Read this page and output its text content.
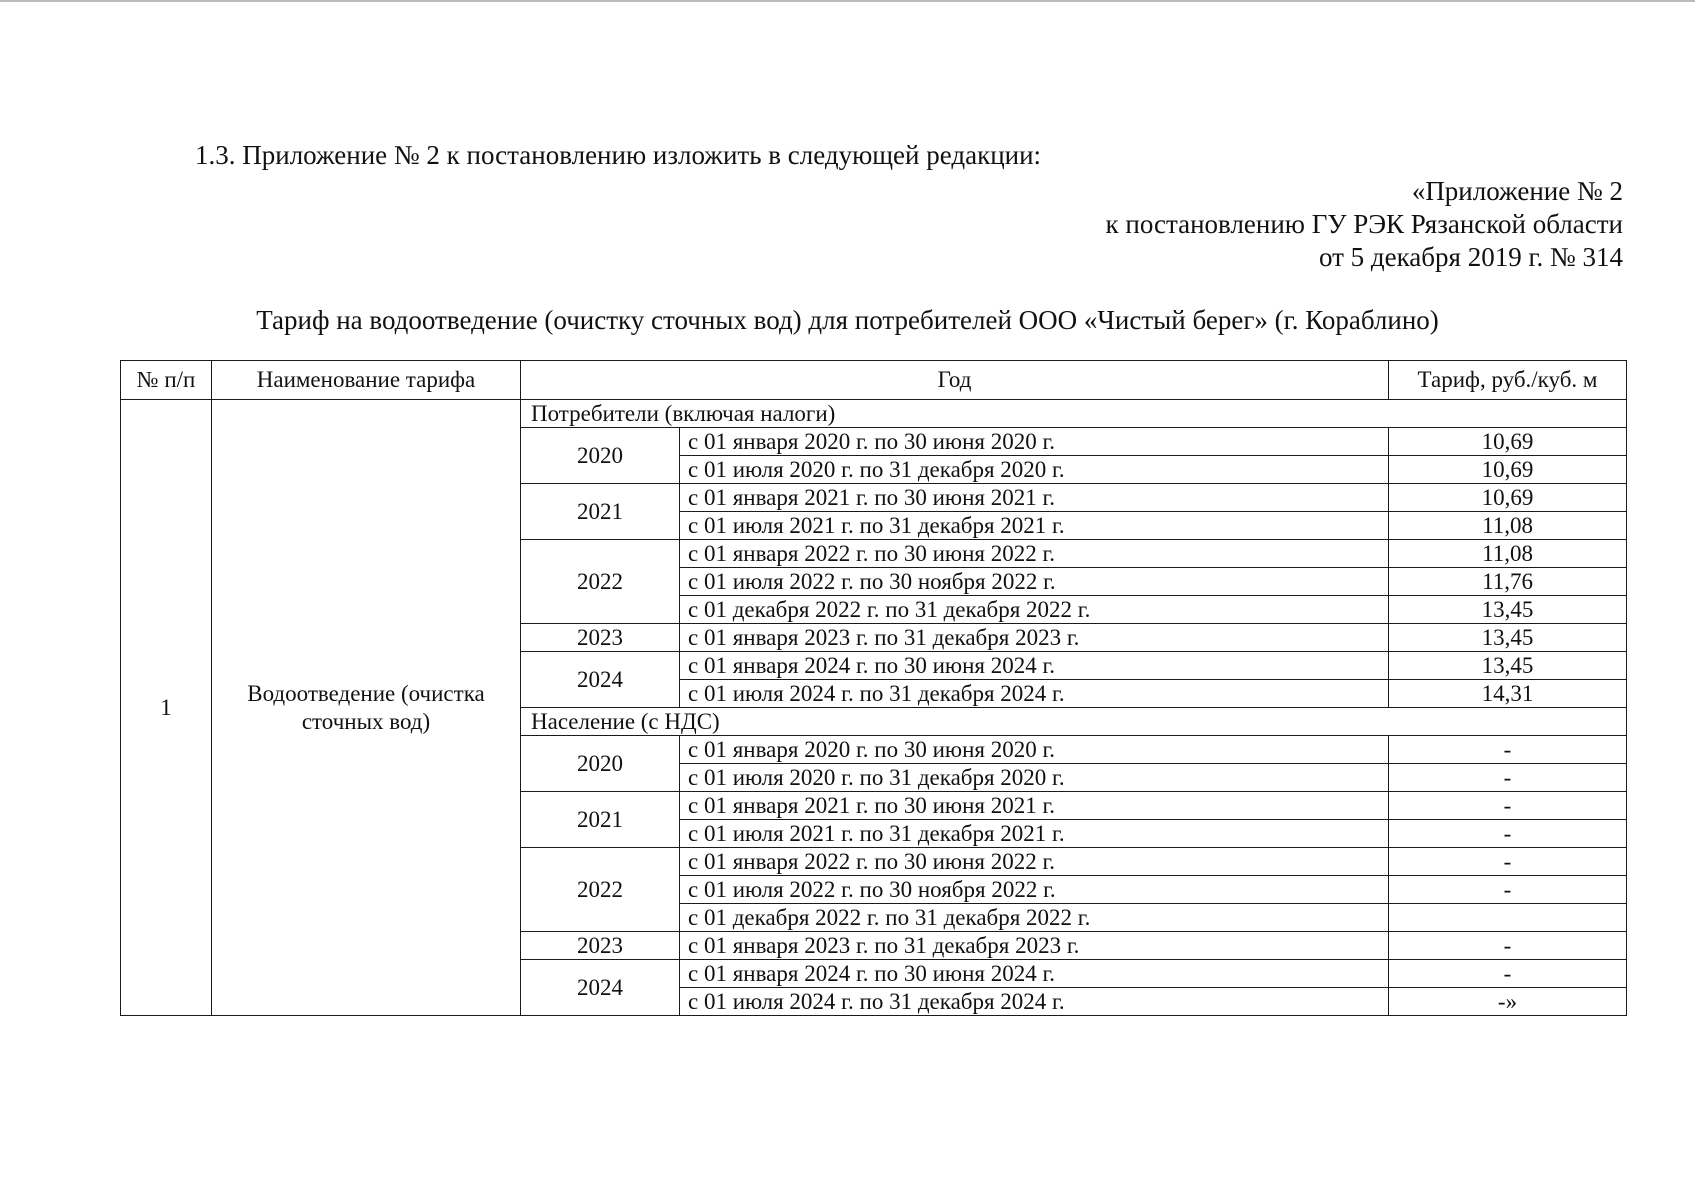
1.3. Приложение № 2 к постановлению изложить в следующей редакции:
«Приложение № 2
к постановлению ГУ РЭК Рязанской области
от 5 декабря 2019 г. № 314
Тариф на водоотведение (очистку сточных вод) для потребителей ООО «Чистый берег» (г. Кораблино)
№ п/п	Наименование тарифа	Год		Тариф, руб./куб. м
1	Водоотведение (очистка сточных вод)	Потребители (включая налоги)		
		2020	с 01 января 2020 г. по 30 июня 2020 г.	10,69
			с 01 июля 2020 г. по 31 декабря 2020 г.	10,69
		2021	с 01 января 2021 г. по 30 июня 2021 г.	10,69
			с 01 июля 2021 г. по 31 декабря 2021 г.	11,08
		2022	с 01 января 2022 г. по 30 июня 2022 г.	11,08
			с 01 июля 2022 г. по 30 ноября 2022 г.	11,76
			с 01 декабря 2022 г. по 31 декабря 2022 г.	13,45
		2023	с 01 января 2023 г. по 31 декабря 2023 г.	13,45
		2024	с 01 января 2024 г. по 30 июня 2024 г.	13,45
			с 01 июля 2024 г. по 31 декабря 2024 г.	14,31
		Население (с НДС)		
		2020	с 01 января 2020 г. по 30 июня 2020 г.	-
			с 01 июля 2020 г. по 31 декабря 2020 г.	-
		2021	с 01 января 2021 г. по 30 июня 2021 г.	-
			с 01 июля 2021 г. по 31 декабря 2021 г.	-
		2022	с 01 января 2022 г. по 30 июня 2022 г.	-
			с 01 июля 2022 г. по 30 ноября 2022 г.	-
			с 01 декабря 2022 г. по 31 декабря 2022 г.	
		2023	с 01 января 2023 г. по 31 декабря 2023 г.	-
		2024	с 01 января 2024 г. по 30 июня 2024 г.	-
			с 01 июля 2024 г. по 31 декабря 2024 г.	-»
